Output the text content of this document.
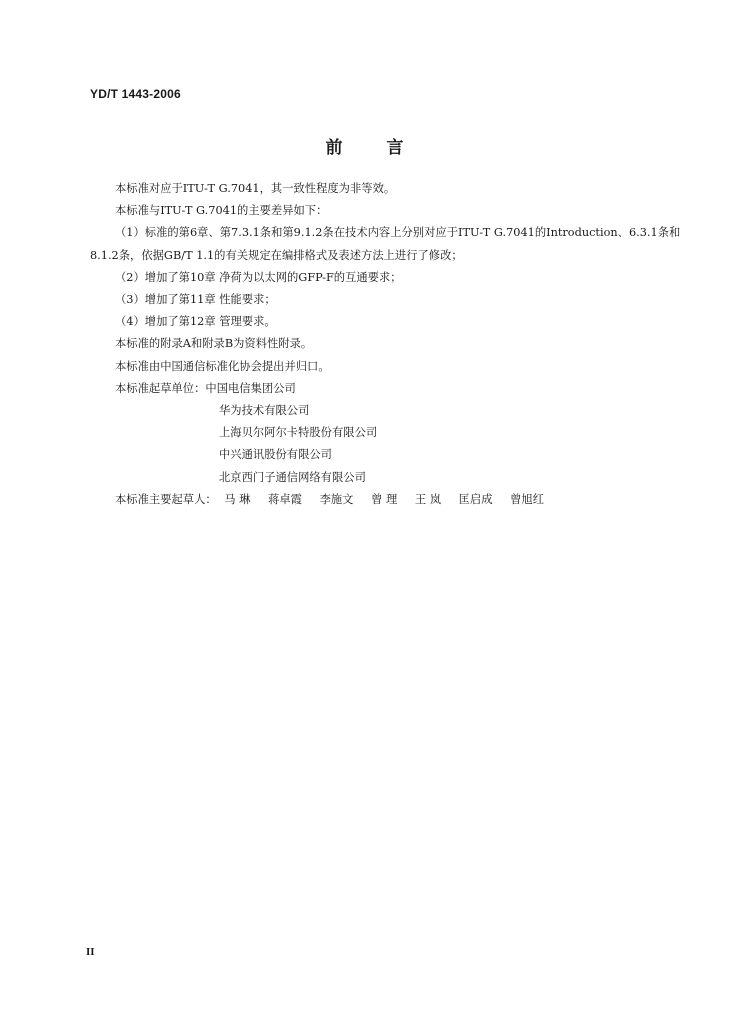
YD/T 1443-2006
前言
本标准对应于ITU-T G.7041，其一致性程度为非等效。
本标准与ITU-T G.7041的主要差异如下：
（1）标准的第6章、第7.3.1条和第9.1.2条在技术内容上分别对应于ITU-T G.7041的Introduction、6.3.1条和8.1.2条，依据GB/T 1.1的有关规定在编排格式及表述方法上进行了修改；
（2）增加了第10章 净荷为以太网的GFP-F的互通要求；
（3）增加了第11章 性能要求；
（4）增加了第12章 管理要求。
本标准的附录A和附录B为资料性附录。
本标准由中国通信标准化协会提出并归口。
本标准起草单位：中国电信集团公司
华为技术有限公司
上海贝尔阿尔卡特股份有限公司
中兴通讯股份有限公司
北京西门子通信网络有限公司
本标准主要起草人： 马 琳 蒋卓霞 李施文 曾 理 王 岚 匡启成 曾旭红
II
